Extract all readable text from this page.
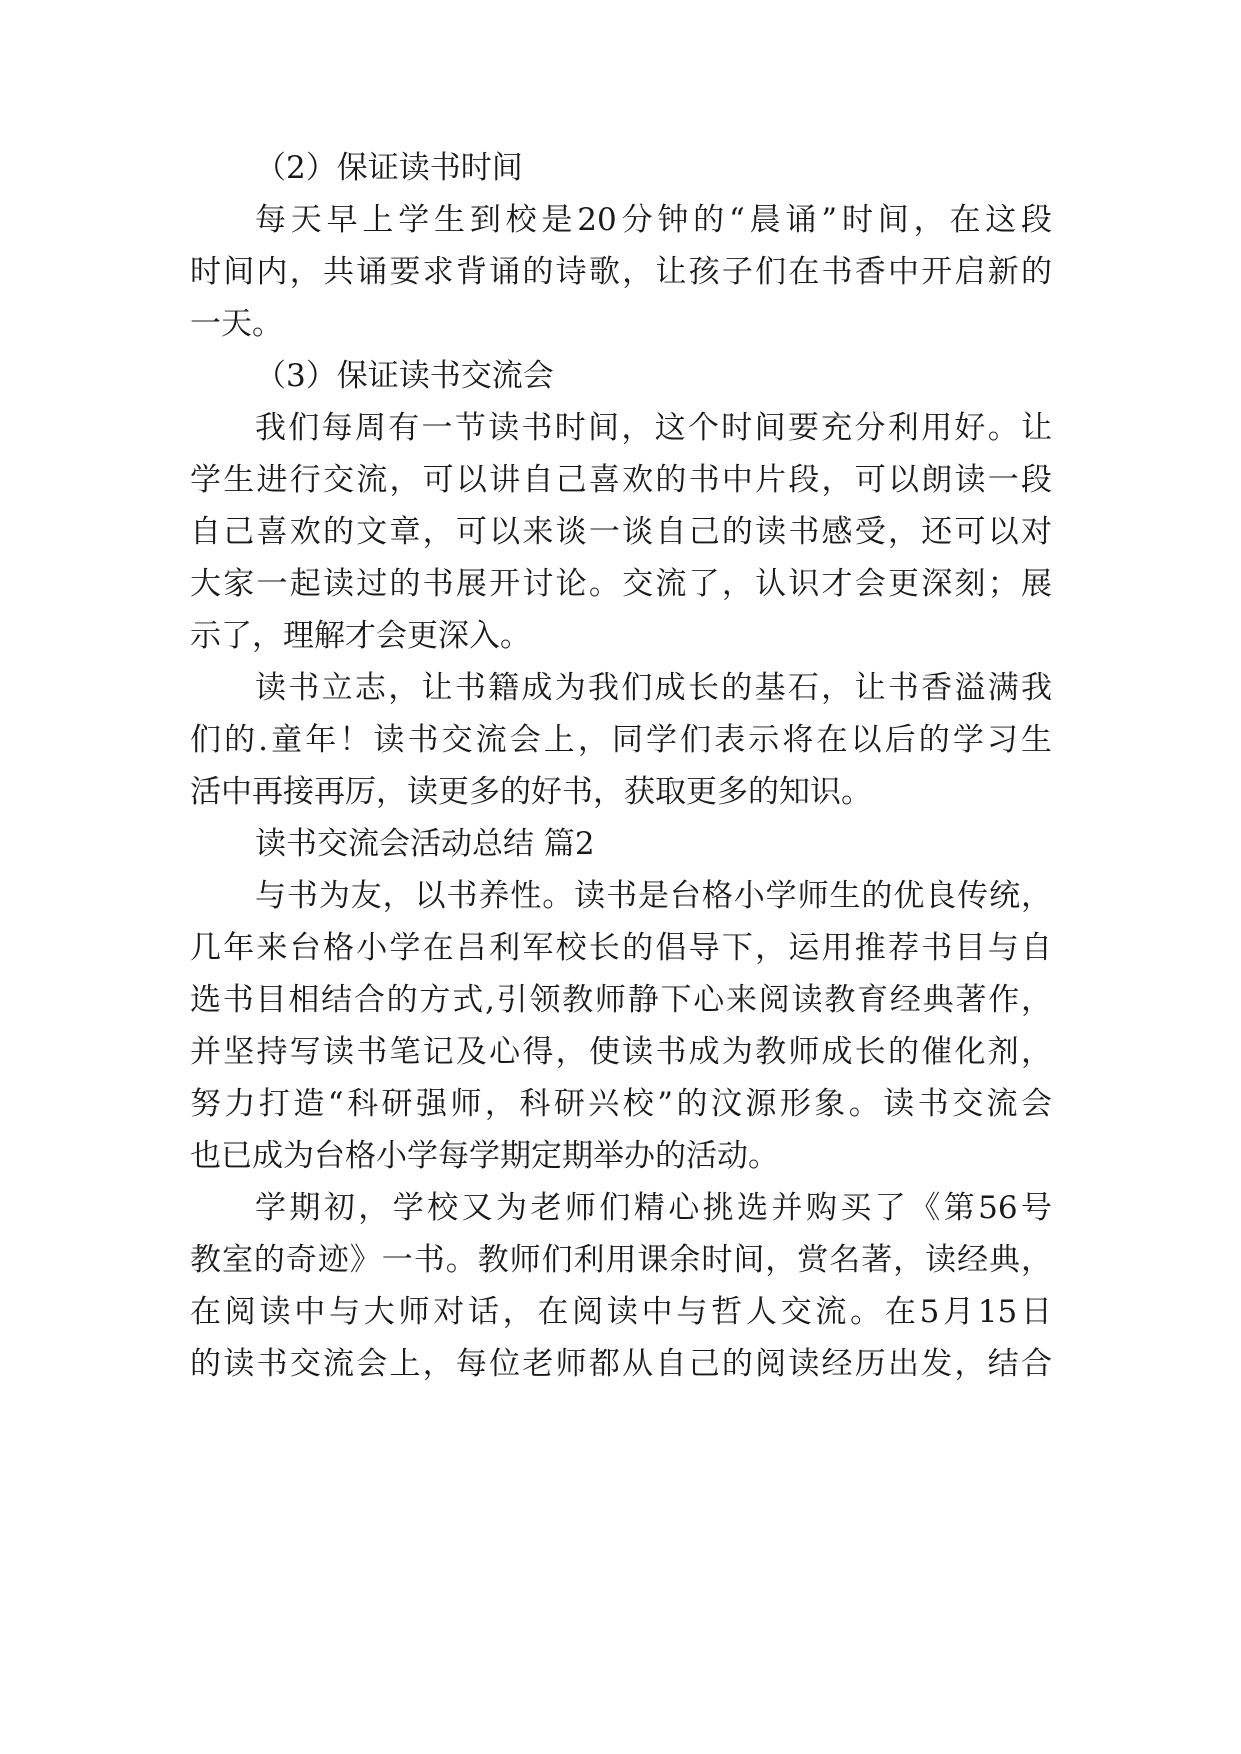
（2）保证读书时间
每天早上学生到校是20分钟的“晨诵”时间，在这段
时间内，共诵要求背诵的诗歌，让孩子们在书香中开启新的
一天。
（3）保证读书交流会
我们每周有一节读书时间，这个时间要充分利用好。让
学生进行交流，可以讲自己喜欢的书中片段，可以朗读一段
自己喜欢的文章，可以来谈一谈自己的读书感受，还可以对
大家一起读过的书展开讨论。交流了，认识才会更深刻；展
示了，理解才会更深入。
读书立志，让书籍成为我们成长的基石，让书香溢满我
们的.童年！读书交流会上，同学们表示将在以后的学习生
活中再接再厉，读更多的好书，获取更多的知识。
读书交流会活动总结 篇2
与书为友，以书养性。读书是台格小学师生的优良传统，
几年来台格小学在吕利军校长的倡导下，运用推荐书目与自
选书目相结合的方式,引领教师静下心来阅读教育经典著作，
并坚持写读书笔记及心得，使读书成为教师成长的催化剂，
努力打造“科研强师，科研兴校”的汶源形象。读书交流会
也已成为台格小学每学期定期举办的活动。
学期初，学校又为老师们精心挑选并购买了《第56号
教室的奇迹》一书。教师们利用课余时间，赏名著，读经典，
在阅读中与大师对话，在阅读中与哲人交流。在5月15日
的读书交流会上，每位老师都从自己的阅读经历出发，结合
